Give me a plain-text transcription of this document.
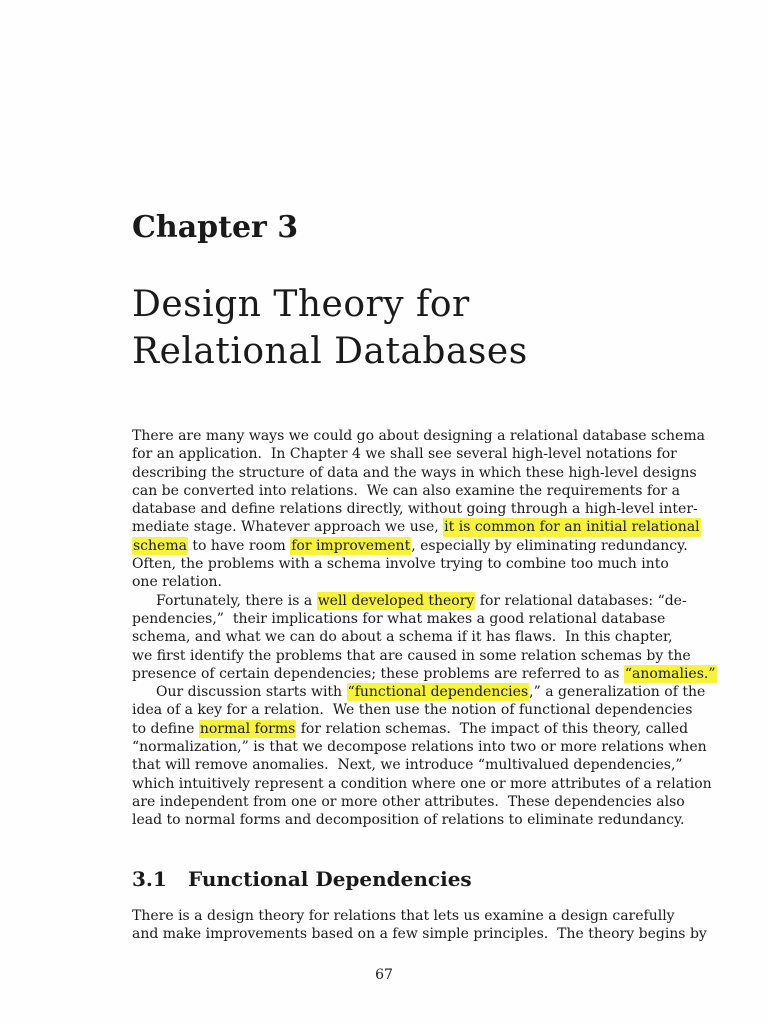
Chapter 3
Design Theory for
Relational Databases
There are many ways we could go about designing a relational database schema
for an application.  In Chapter 4 we shall see several high-level notations for
describing the structure of data and the ways in which these high-level designs
can be converted into relations.  We can also examine the requirements for a
database and define relations directly, without going through a high-level inter-
mediate stage. Whatever approach we use, it is common for an initial relational
schema to have room for improvement , especially by eliminating redundancy.
Often, the problems with a schema involve trying to combine too much into
one relation.
Fortunately, there is a well developed theory for relational databases: “de-
pendencies,”  their implications for what makes a good relational database
schema, and what we can do about a schema if it has flaws.  In this chapter,
we first identify the problems that are caused in some relation schemas by the
presence of certain dependencies; these problems are referred to as “anomalies.”
Our discussion starts with “functional dependencies ,” a generalization of the
idea of a key for a relation.  We then use the notion of functional dependencies
to define normal forms for relation schemas.  The impact of this theory, called
“normalization,” is that we decompose relations into two or more relations when
that will remove anomalies.  Next, we introduce “multivalued dependencies,”
which intuitively represent a condition where one or more attributes of a relation
are independent from one or more other attributes.  These dependencies also
lead to normal forms and decomposition of relations to eliminate redundancy.
3.1 Functional Dependencies
There is a design theory for relations that lets us examine a design carefully
and make improvements based on a few simple principles.  The theory begins by
67
